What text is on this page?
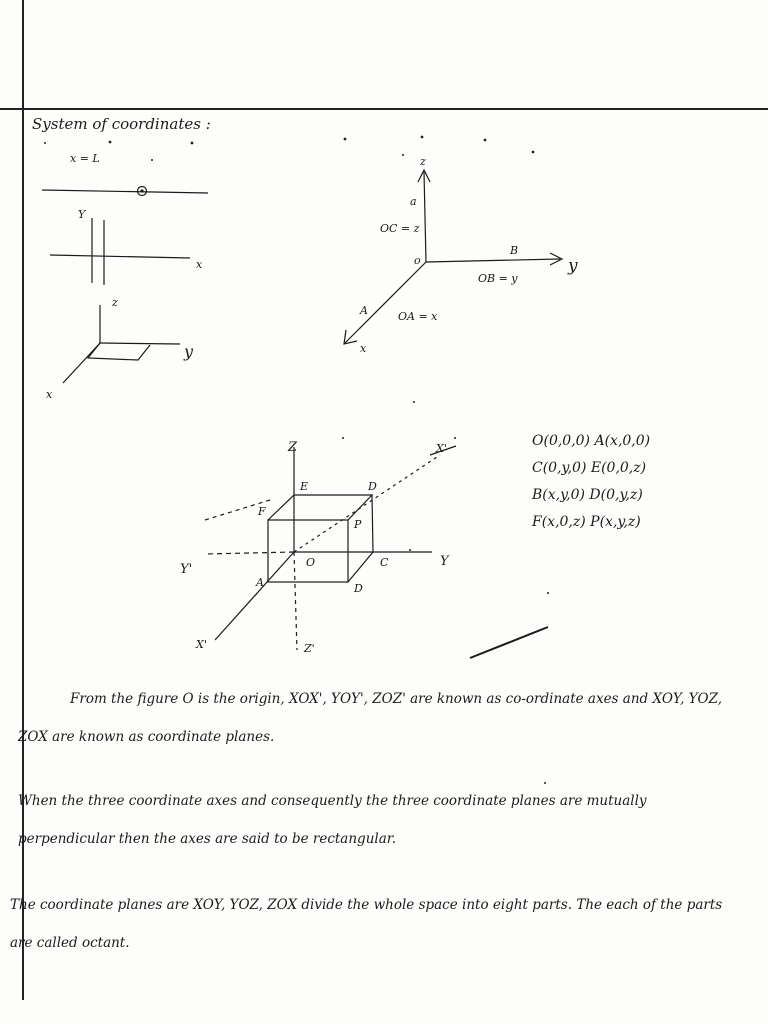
System of coordinates :
x = L
Y
x
z
y
x
z
a
OC = z
o
B
OB = y
y
A	OA = x
x
Z	X'
E	D
F
P
Y'	O	C	Y
A	D
X'	Z'
O(0,0,0) A(x,0,0)
C(0,y,0) E(0,0,z)
B(x,y,0) D(0,y,z)
F(x,0,z) P(x,y,z)
From the figure O is the origin, XOX', YOY', ZOZ' are known as co-ordinate axes and XOY, YOZ, ZOX are known as coordinate planes.
When the three coordinate axes and consequently the three coordinate planes are mutually perpendicular then the axes are said to be rectangular.
The coordinate planes are XOY, YOZ, ZOX divide the whole space into eight parts. The each of the parts are called octant.
